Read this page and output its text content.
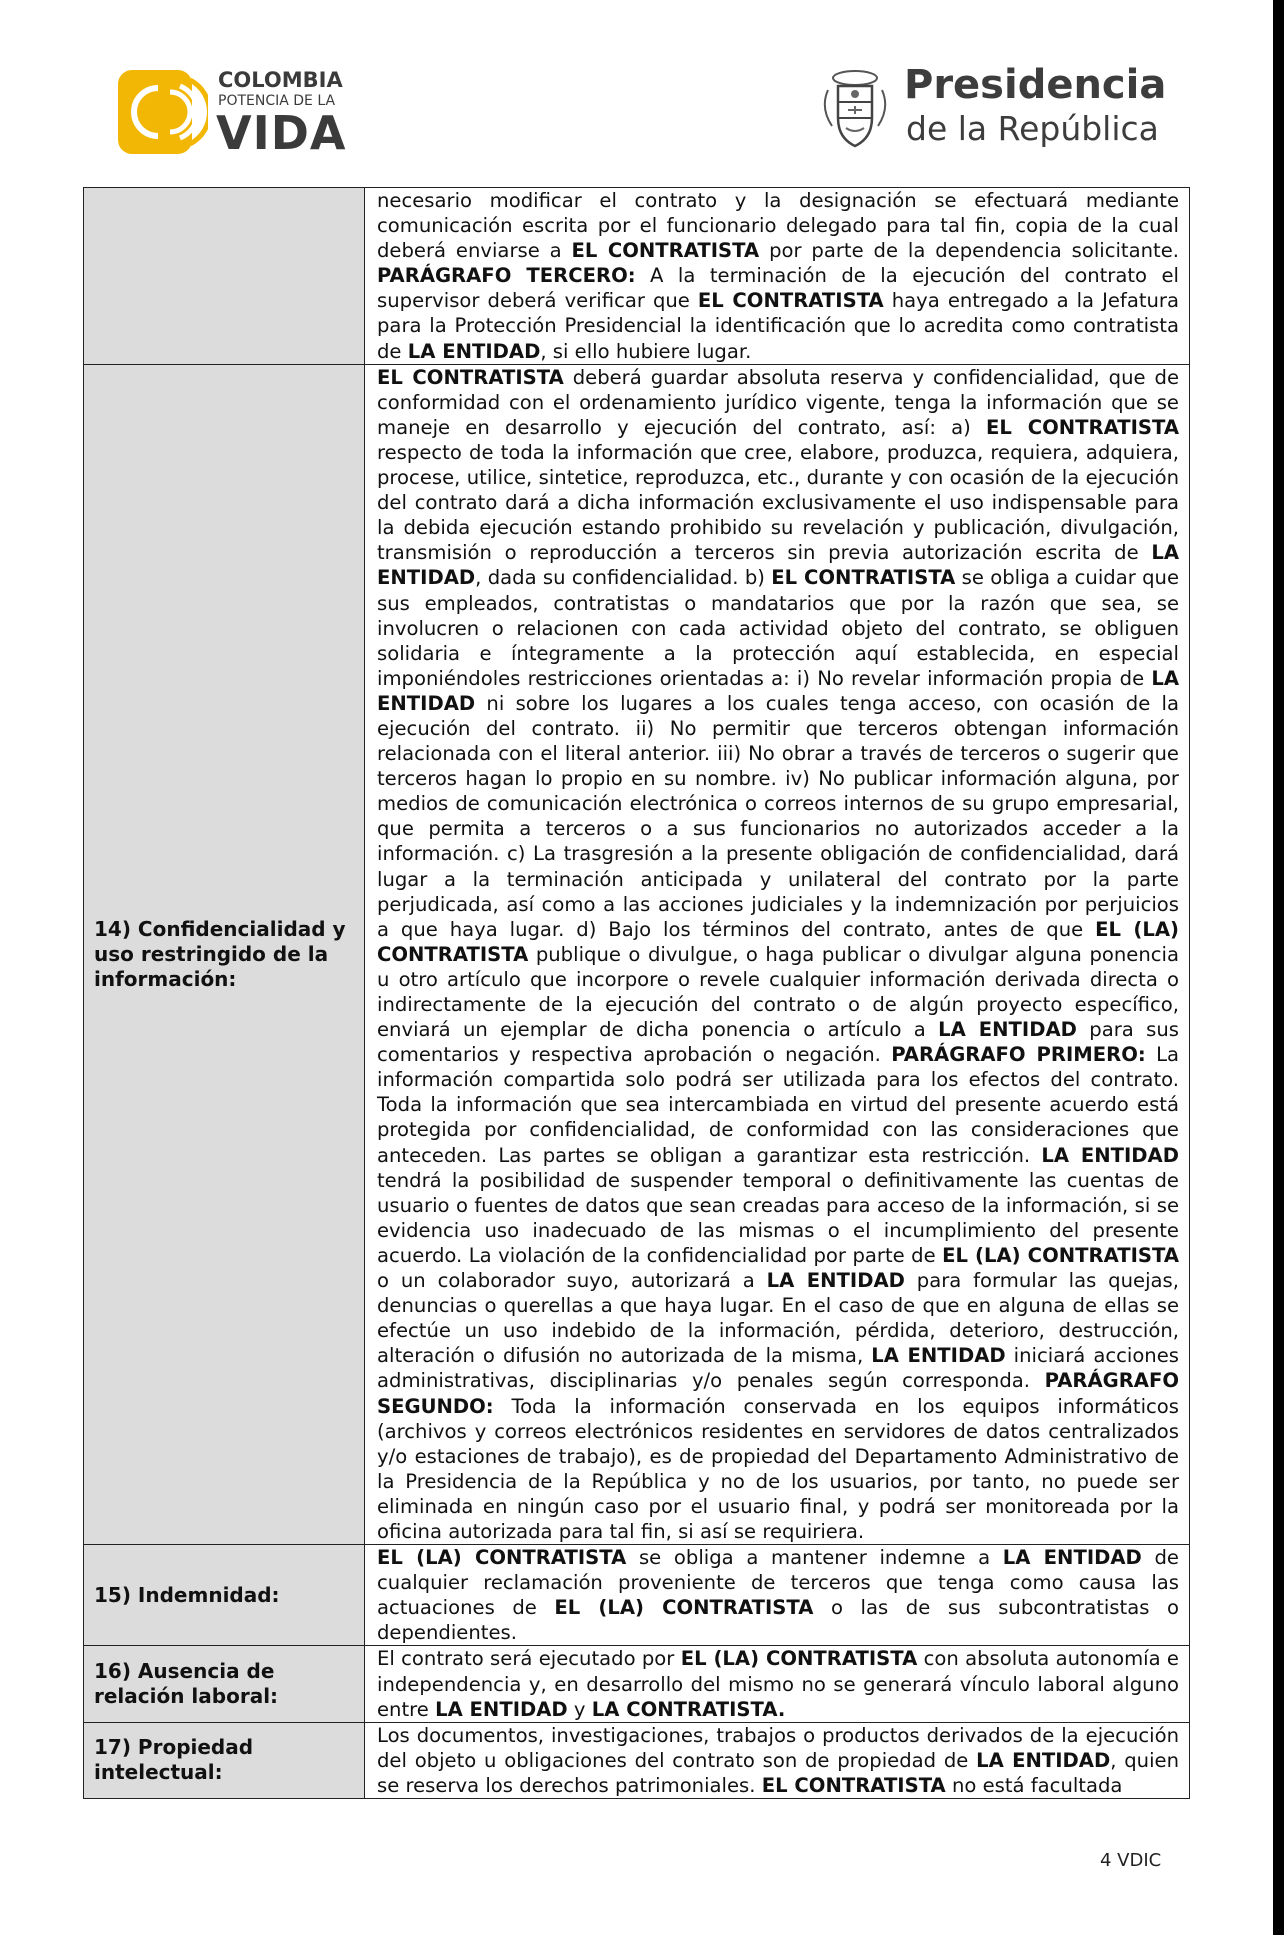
COLOMBIA
POTENCIA DE LA
VIDA
Presidencia
de la República

	necesario modificar el contrato y la designación se efectuará mediante comunicación escrita por el funcionario delegado para tal fin, copia de la cual deberá enviarse a EL CONTRATISTA por parte de la dependencia solicitante. PARÁGRAFO TERCERO: A la terminación de la ejecución del contrato el supervisor deberá verificar que EL CONTRATISTA haya entregado a la Jefatura para la Protección Presidencial la identificación que lo acredita como contratista de LA ENTIDAD, si ello hubiere lugar.

14) Confidencialidad y uso restringido de la información:	EL CONTRATISTA deberá guardar absoluta reserva y confidencialidad, que de conformidad con el ordenamiento jurídico vigente, tenga la información que se maneje en desarrollo y ejecución del contrato, así: a) EL CONTRATISTA respecto de toda la información que cree, elabore, produzca, requiera, adquiera, procese, utilice, sintetice, reproduzca, etc., durante y con ocasión de la ejecución del contrato dará a dicha información exclusivamente el uso indispensable para la debida ejecución estando prohibido su revelación y publicación, divulgación, transmisión o reproducción a terceros sin previa autorización escrita de LA ENTIDAD, dada su confidencialidad. b) EL CONTRATISTA se obliga a cuidar que sus empleados, contratistas o mandatarios que por la razón que sea, se involucren o relacionen con cada actividad objeto del contrato, se obliguen solidaria e íntegramente a la protección aquí establecida, en especial imponiéndoles restricciones orientadas a: i) No revelar información propia de LA ENTIDAD ni sobre los lugares a los cuales tenga acceso, con ocasión de la ejecución del contrato. ii) No permitir que terceros obtengan información relacionada con el literal anterior. iii) No obrar a través de terceros o sugerir que terceros hagan lo propio en su nombre. iv) No publicar información alguna, por medios de comunicación electrónica o correos internos de su grupo empresarial, que permita a terceros o a sus funcionarios no autorizados acceder a la información. c) La trasgresión a la presente obligación de confidencialidad, dará lugar a la terminación anticipada y unilateral del contrato por la parte perjudicada, así como a las acciones judiciales y la indemnización por perjuicios a que haya lugar. d) Bajo los términos del contrato, antes de que EL (LA) CONTRATISTA publique o divulgue, o haga publicar o divulgar alguna ponencia u otro artículo que incorpore o revele cualquier información derivada directa o indirectamente de la ejecución del contrato o de algún proyecto específico, enviará un ejemplar de dicha ponencia o artículo a LA ENTIDAD para sus comentarios y respectiva aprobación o negación. PARÁGRAFO PRIMERO: La información compartida solo podrá ser utilizada para los efectos del contrato. Toda la información que sea intercambiada en virtud del presente acuerdo está protegida por confidencialidad, de conformidad con las consideraciones que anteceden. Las partes se obligan a garantizar esta restricción. LA ENTIDAD tendrá la posibilidad de suspender temporal o definitivamente las cuentas de usuario o fuentes de datos que sean creadas para acceso de la información, si se evidencia uso inadecuado de las mismas o el incumplimiento del presente acuerdo. La violación de la confidencialidad por parte de EL (LA) CONTRATISTA o un colaborador suyo, autorizará a LA ENTIDAD para formular las quejas, denuncias o querellas a que haya lugar. En el caso de que en alguna de ellas se efectúe un uso indebido de la información, pérdida, deterioro, destrucción, alteración o difusión no autorizada de la misma, LA ENTIDAD iniciará acciones administrativas, disciplinarias y/o penales según corresponda. PARÁGRAFO SEGUNDO: Toda la información conservada en los equipos informáticos (archivos y correos electrónicos residentes en servidores de datos centralizados y/o estaciones de trabajo), es de propiedad del Departamento Administrativo de la Presidencia de la República y no de los usuarios, por tanto, no puede ser eliminada en ningún caso por el usuario final, y podrá ser monitoreada por la oficina autorizada para tal fin, si así se requiriera.

15) Indemnidad:	EL (LA) CONTRATISTA se obliga a mantener indemne a LA ENTIDAD de cualquier reclamación proveniente de terceros que tenga como causa las actuaciones de EL (LA) CONTRATISTA o las de sus subcontratistas o dependientes.

16) Ausencia de relación laboral:	El contrato será ejecutado por EL (LA) CONTRATISTA con absoluta autonomía e independencia y, en desarrollo del mismo no se generará vínculo laboral alguno entre LA ENTIDAD y LA CONTRATISTA.

17) Propiedad intelectual:	Los documentos, investigaciones, trabajos o productos derivados de la ejecución del objeto u obligaciones del contrato son de propiedad de LA ENTIDAD, quien se reserva los derechos patrimoniales. EL CONTRATISTA no está facultada

4 VDIC
